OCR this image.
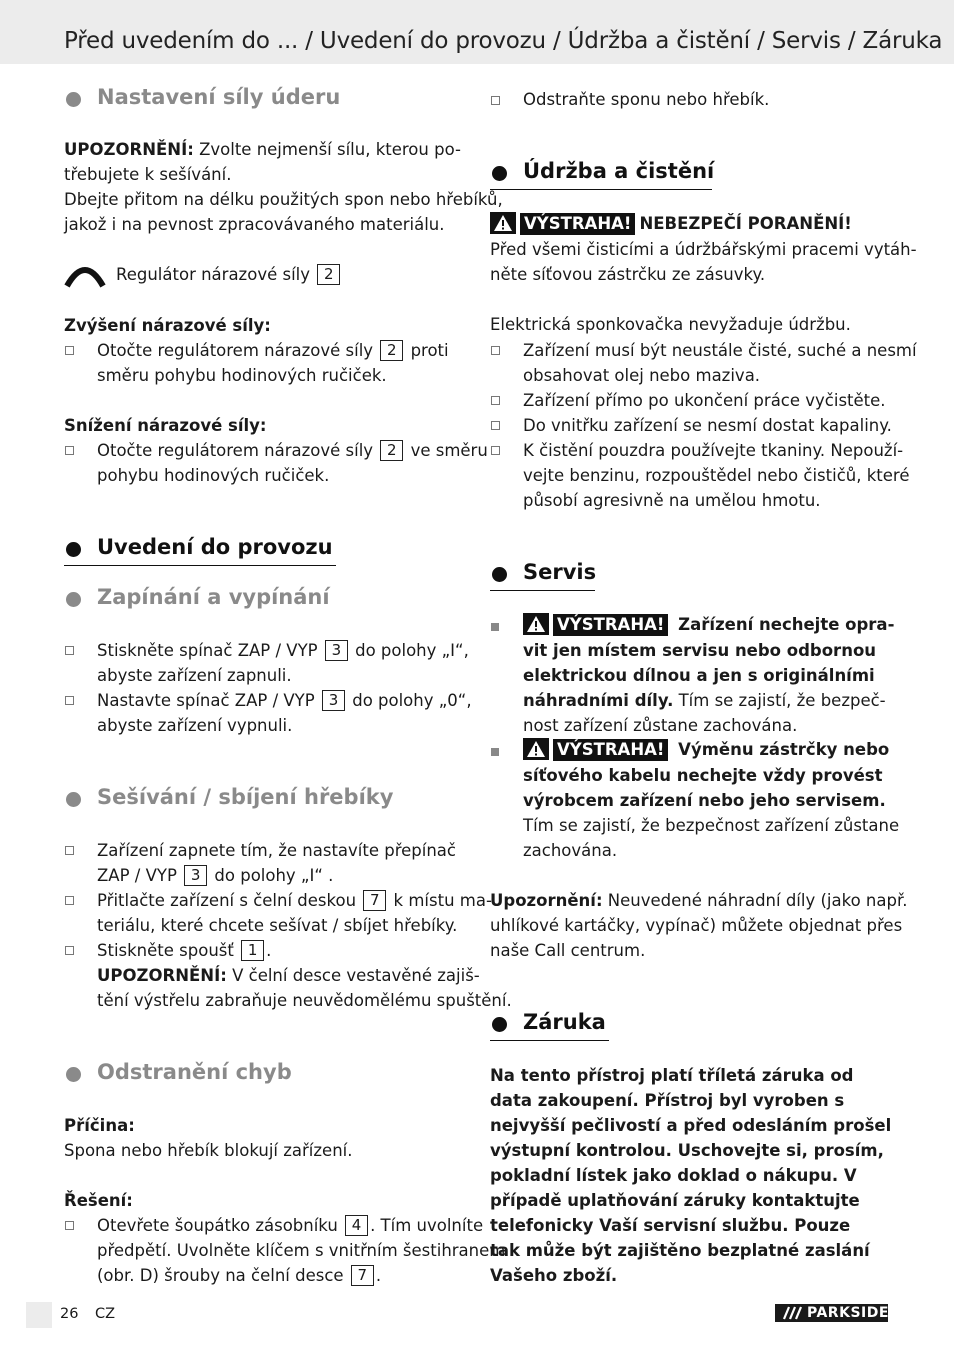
Před uvedením do ... / Uvedení do provozu / Údržba a čistění / Servis / Záruka
Nastavení síly úderu
UPOZORNĚNÍ: Zvolte nejmenší sílu, kterou po-
třebujete k sešívání.
Dbejte přitom na délku použitých spon nebo hřebíků,
jakož i na pevnost zpracovávaného materiálu.
Regulátor nárazové síly 2
Zvýšení nárazové síly:
Otočte regulátorem nárazové síly 2 proti
směru pohybu hodinových ručiček.
Snížení nárazové síly:
Otočte regulátorem nárazové síly 2 ve směru
pohybu hodinových ručiček.
Uvedení do provozu
Zapínání a vypínání
Stiskněte spínač ZAP / VYP 3 do polohy „I“,
abyste zařízení zapnuli.
Nastavte spínač ZAP / VYP 3 do polohy „0“,
abyste zařízení vypnuli.
Sešívání / sbíjení hřebíky
Zařízení zapnete tím, že nastavíte přepínač
ZAP / VYP 3 do polohy „I“ .
Přitlačte zařízení s čelní deskou 7 k místu ma-
teriálu, které chcete sešívat / sbíjet hřebíky.
Stiskněte spoušť 1 .
UPOZORNĚNÍ: V čelní desce vestavěné zajiš-
tění výstřelu zabraňuje neuvědomělému spuštění.
Odstranění chyb
Příčina:
Spona nebo hřebík blokují zařízení.
Řešení:
Otevřete šoupátko zásobníku 4 . Tím uvolníte
předpětí. Uvolněte klíčem s vnitřním šestihranem
(obr. D) šrouby na čelní desce 7 .
Odstraňte sponu nebo hřebík.
Údržba a čistění
VÝSTRAHA! NEBEZPEČÍ PORANĚNÍ!
Před všemi čisticími a údržbářskými pracemi vytáh-
něte síťovou zástrčku ze zásuvky.
Elektrická sponkovačka nevyžaduje údržbu.
Zařízení musí být neustále čisté, suché a nesmí
obsahovat olej nebo maziva.
Zařízení přímo po ukončení práce vyčistěte.
Do vnitřku zařízení se nesmí dostat kapaliny.
K čistění pouzdra používejte tkaniny. Nepouží-
vejte benzinu, rozpouštědel nebo čističů, které
působí agresivně na umělou hmotu.
Servis
VÝSTRAHA! Zařízení nechejte opra-
vit jen místem servisu nebo odbornou
elektrickou dílnou a jen s originálními
náhradními díly. Tím se zajistí, že bezpeč-
nost zařízení zůstane zachována.
VÝSTRAHA! Výměnu zástrčky nebo
síťového kabelu nechejte vždy provést
výrobcem zařízení nebo jeho servisem.
Tím se zajistí, že bezpečnost zařízení zůstane
zachována.
Upozornění: Neuvedené náhradní díly (jako např.
uhlíkové kartáčky, vypínač) můžete objednat přes
naše Call centrum.
Záruka
Na tento přístroj platí tříletá záruka od
data zakoupení. Přístroj byl vyroben s
nejvyšší pečlivostí a před odesláním prošel
výstupní kontrolou. Uschovejte si, prosím,
pokladní lístek jako doklad o nákupu. V
případě uplatňování záruky kontaktujte
telefonicky Vaší servisní službu. Pouze
tak může být zajištěno bezplatné zaslání
Vašeho zboží.
26 CZ	PARKSIDE
